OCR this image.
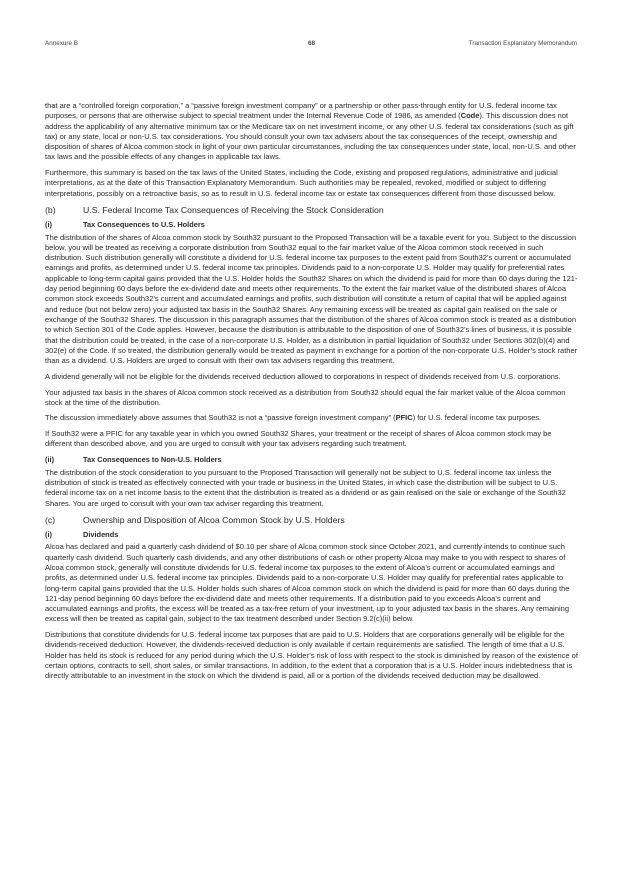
Annexure B	68	Transaction Explanatory Memorandum

that are a “controlled foreign corporation,” a “passive foreign investment company” or a partnership or other pass-through entity for U.S. federal income tax purposes, or persons that are otherwise subject to special treatment under the Internal Revenue Code of 1986, as amended (Code). This discussion does not address the applicability of any alternative minimum tax or the Medicare tax on net investment income, or any other U.S. federal tax considerations (such as gift tax) or any state, local or non-U.S. tax considerations. You should consult your own tax advisers about the tax consequences of the receipt, ownership and disposition of shares of Alcoa common stock in light of your own particular circumstances, including the tax consequences under state, local, non-U.S. and other tax laws and the possible effects of any changes in applicable tax laws.

Furthermore, this summary is based on the tax laws of the United States, including the Code, existing and proposed regulations, administrative and judicial interpretations, as at the date of this Transaction Explanatory Memorandum. Such authorities may be repealed, revoked, modified or subject to differing interpretations, possibly on a retroactive basis, so as to result in U.S. federal income tax or estate tax consequences different from those discussed below.

(b)	U.S. Federal Income Tax Consequences of Receiving the Stock Consideration
(i)	Tax Consequences to U.S. Holders

The distribution of the shares of Alcoa common stock by South32 pursuant to the Proposed Transaction will be a taxable event for you. Subject to the discussion below, you will be treated as receiving a corporate distribution from South32 equal to the fair market value of the Alcoa common stock received in such distribution. Such distribution generally will constitute a dividend for U.S. federal income tax purposes to the extent paid from South32’s current or accumulated earnings and profits, as determined under U.S. federal income tax principles. Dividends paid to a non-corporate U.S. Holder may qualify for preferential rates applicable to long-term capital gains provided that the U.S. Holder holds the South32 Shares on which the dividend is paid for more than 60 days during the 121-day period beginning 60 days before the ex-dividend date and meets other requirements. To the extent the fair market value of the distributed shares of Alcoa common stock exceeds South32’s current and accumulated earnings and profits, such distribution will constitute a return of capital that will be applied against and reduce (but not below zero) your adjusted tax basis in the South32 Shares. Any remaining excess will be treated as capital gain realised on the sale or exchange of the South32 Shares. The discussion in this paragraph assumes that the distribution of the shares of Alcoa common stock is treated as a distribution to which Section 301 of the Code applies. However, because the distribution is attributable to the disposition of one of South32’s lines of business, it is possible that the distribution could be treated, in the case of a non-corporate U.S. Holder, as a distribution in partial liquidation of South32 under Sections 302(b)(4) and 302(e) of the Code. If so treated, the distribution generally would be treated as payment in exchange for a portion of the non-corporate U.S. Holder’s stock rather than as a dividend. U.S. Holders are urged to consult with their own tax advisers regarding this treatment.

A dividend generally will not be eligible for the dividends received deduction allowed to corporations in respect of dividends received from U.S. corporations.

Your adjusted tax basis in the shares of Alcoa common stock received as a distribution from South32 should equal the fair market value of the Alcoa common stock at the time of the distribution.

The discussion immediately above assumes that South32 is not a “passive foreign investment company” (PFIC) for U.S. federal income tax purposes.

If South32 were a PFIC for any taxable year in which you owned South32 Shares, your treatment or the receipt of shares of Alcoa common stock may be different than described above, and you are urged to consult with your tax advisers regarding such treatment.

(ii)	Tax Consequences to Non-U.S. Holders

The distribution of the stock consideration to you pursuant to the Proposed Transaction will generally not be subject to U.S. federal income tax unless the distribution of stock is treated as effectively connected with your trade or business in the United States, in which case the distribution will be subject to U.S. federal income tax on a net income basis to the extent that the distribution is treated as a dividend or as gain realised on the sale or exchange of the South32 Shares. You are urged to consult with your own tax adviser regarding this treatment.

(c)	Ownership and Disposition of Alcoa Common Stock by U.S. Holders
(i)	Dividends

Alcoa has declared and paid a quarterly cash dividend of $0.10 per share of Alcoa common stock since October 2021, and currently intends to continue such quarterly cash dividend. Such quarterly cash dividends, and any other distributions of cash or other property Alcoa may make to you with respect to shares of Alcoa common stock, generally will constitute dividends for U.S. federal income tax purposes to the extent of Alcoa’s current or accumulated earnings and profits, as determined under U.S. federal income tax principles. Dividends paid to a non-corporate U.S. Holder may qualify for preferential rates applicable to long-term capital gains provided that the U.S. Holder holds such shares of Alcoa common stock on which the dividend is paid for more than 60 days during the 121-day period beginning 60 days before the ex-dividend date and meets other requirements. If a distribution paid to you exceeds Alcoa’s current and accumulated earnings and profits, the excess will be treated as a tax-free return of your investment, up to your adjusted tax basis in the shares. Any remaining excess will then be treated as capital gain, subject to the tax treatment described under Section 9.2(c)(ii) below.

Distributions that constitute dividends for U.S. federal income tax purposes that are paid to U.S. Holders that are corporations generally will be eligible for the dividends-received deduction. However, the dividends-received deduction is only available if certain requirements are satisfied. The length of time that a U.S. Holder has held its stock is reduced for any period during which the U.S. Holder’s risk of loss with respect to the stock is diminished by reason of the existence of certain options, contracts to sell, short sales, or similar transactions. In addition, to the extent that a corporation that is a U.S. Holder incurs indebtedness that is directly attributable to an investment in the stock on which the dividend is paid, all or a portion of the dividends received deduction may be disallowed.
